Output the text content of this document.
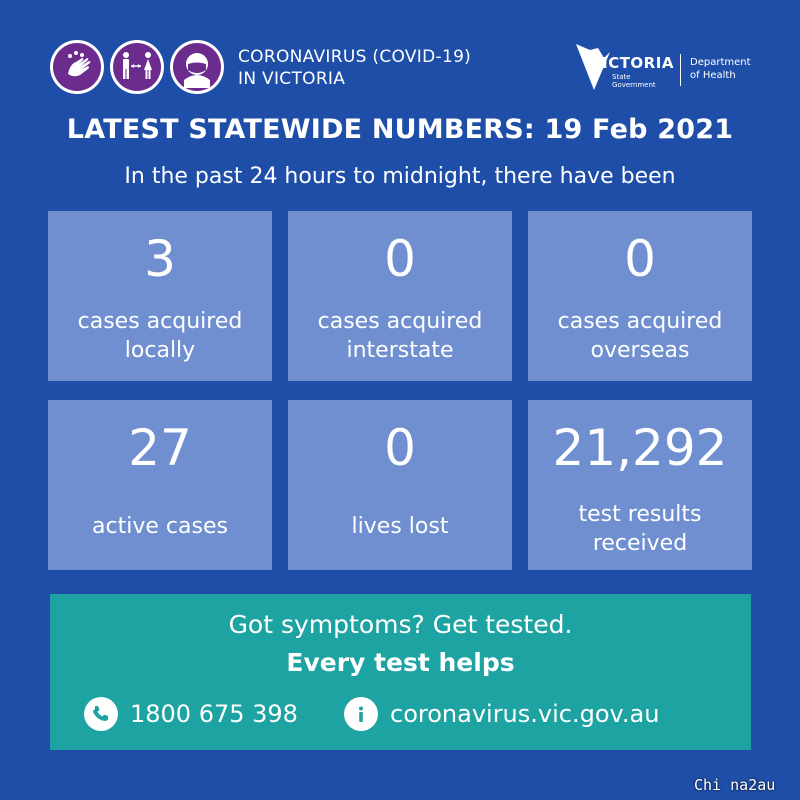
CORONAVIRUS (COVID-19)
IN VICTORIA
VICTORIA
State
Government
Department
of Health
LATEST STATEWIDE NUMBERS: 19 Feb 2021
In the past 24 hours to midnight, there have been
3
cases acquired
locally
0
cases acquired
interstate
0
cases acquired
overseas
27
active cases
0
lives lost
21,292
test results
received
Got symptoms? Get tested.
Every test helps
1800 675 398	coronavirus.vic.gov.au
Chi na2au
